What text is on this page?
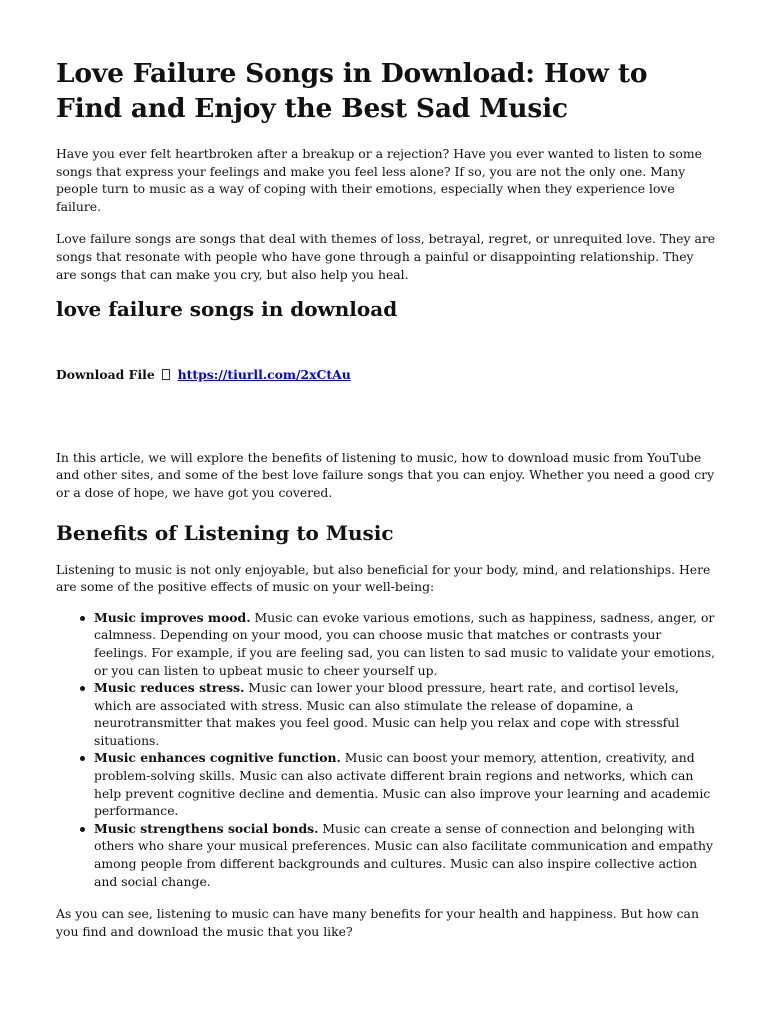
Love Failure Songs in Download: How to Find and Enjoy the Best Sad Music

Have you ever felt heartbroken after a breakup or a rejection? Have you ever wanted to listen to some songs that express your feelings and make you feel less alone? If so, you are not the only one. Many people turn to music as a way of coping with their emotions, especially when they experience love failure.

Love failure songs are songs that deal with themes of loss, betrayal, regret, or unrequited love. They are songs that resonate with people who have gone through a painful or disappointing relationship. They are songs that can make you cry, but also help you heal.

love failure songs in download
Download File https://tiurll.com/2xCtAu

In this article, we will explore the benefits of listening to music, how to download music from YouTube and other sites, and some of the best love failure songs that you can enjoy. Whether you need a good cry or a dose of hope, we have got you covered.

Benefits of Listening to Music

Listening to music is not only enjoyable, but also beneficial for your body, mind, and relationships. Here are some of the positive effects of music on your well-being:

Music improves mood. Music can evoke various emotions, such as happiness, sadness, anger, or calmness. Depending on your mood, you can choose music that matches or contrasts your feelings. For example, if you are feeling sad, you can listen to sad music to validate your emotions, or you can listen to upbeat music to cheer yourself up.
Music reduces stress. Music can lower your blood pressure, heart rate, and cortisol levels, which are associated with stress. Music can also stimulate the release of dopamine, a neurotransmitter that makes you feel good. Music can help you relax and cope with stressful situations.
Music enhances cognitive function. Music can boost your memory, attention, creativity, and problem-solving skills. Music can also activate different brain regions and networks, which can help prevent cognitive decline and dementia. Music can also improve your learning and academic performance.
Music strengthens social bonds. Music can create a sense of connection and belonging with others who share your musical preferences. Music can also facilitate communication and empathy among people from different backgrounds and cultures. Music can also inspire collective action and social change.

As you can see, listening to music can have many benefits for your health and happiness. But how can you find and download the music that you like?
